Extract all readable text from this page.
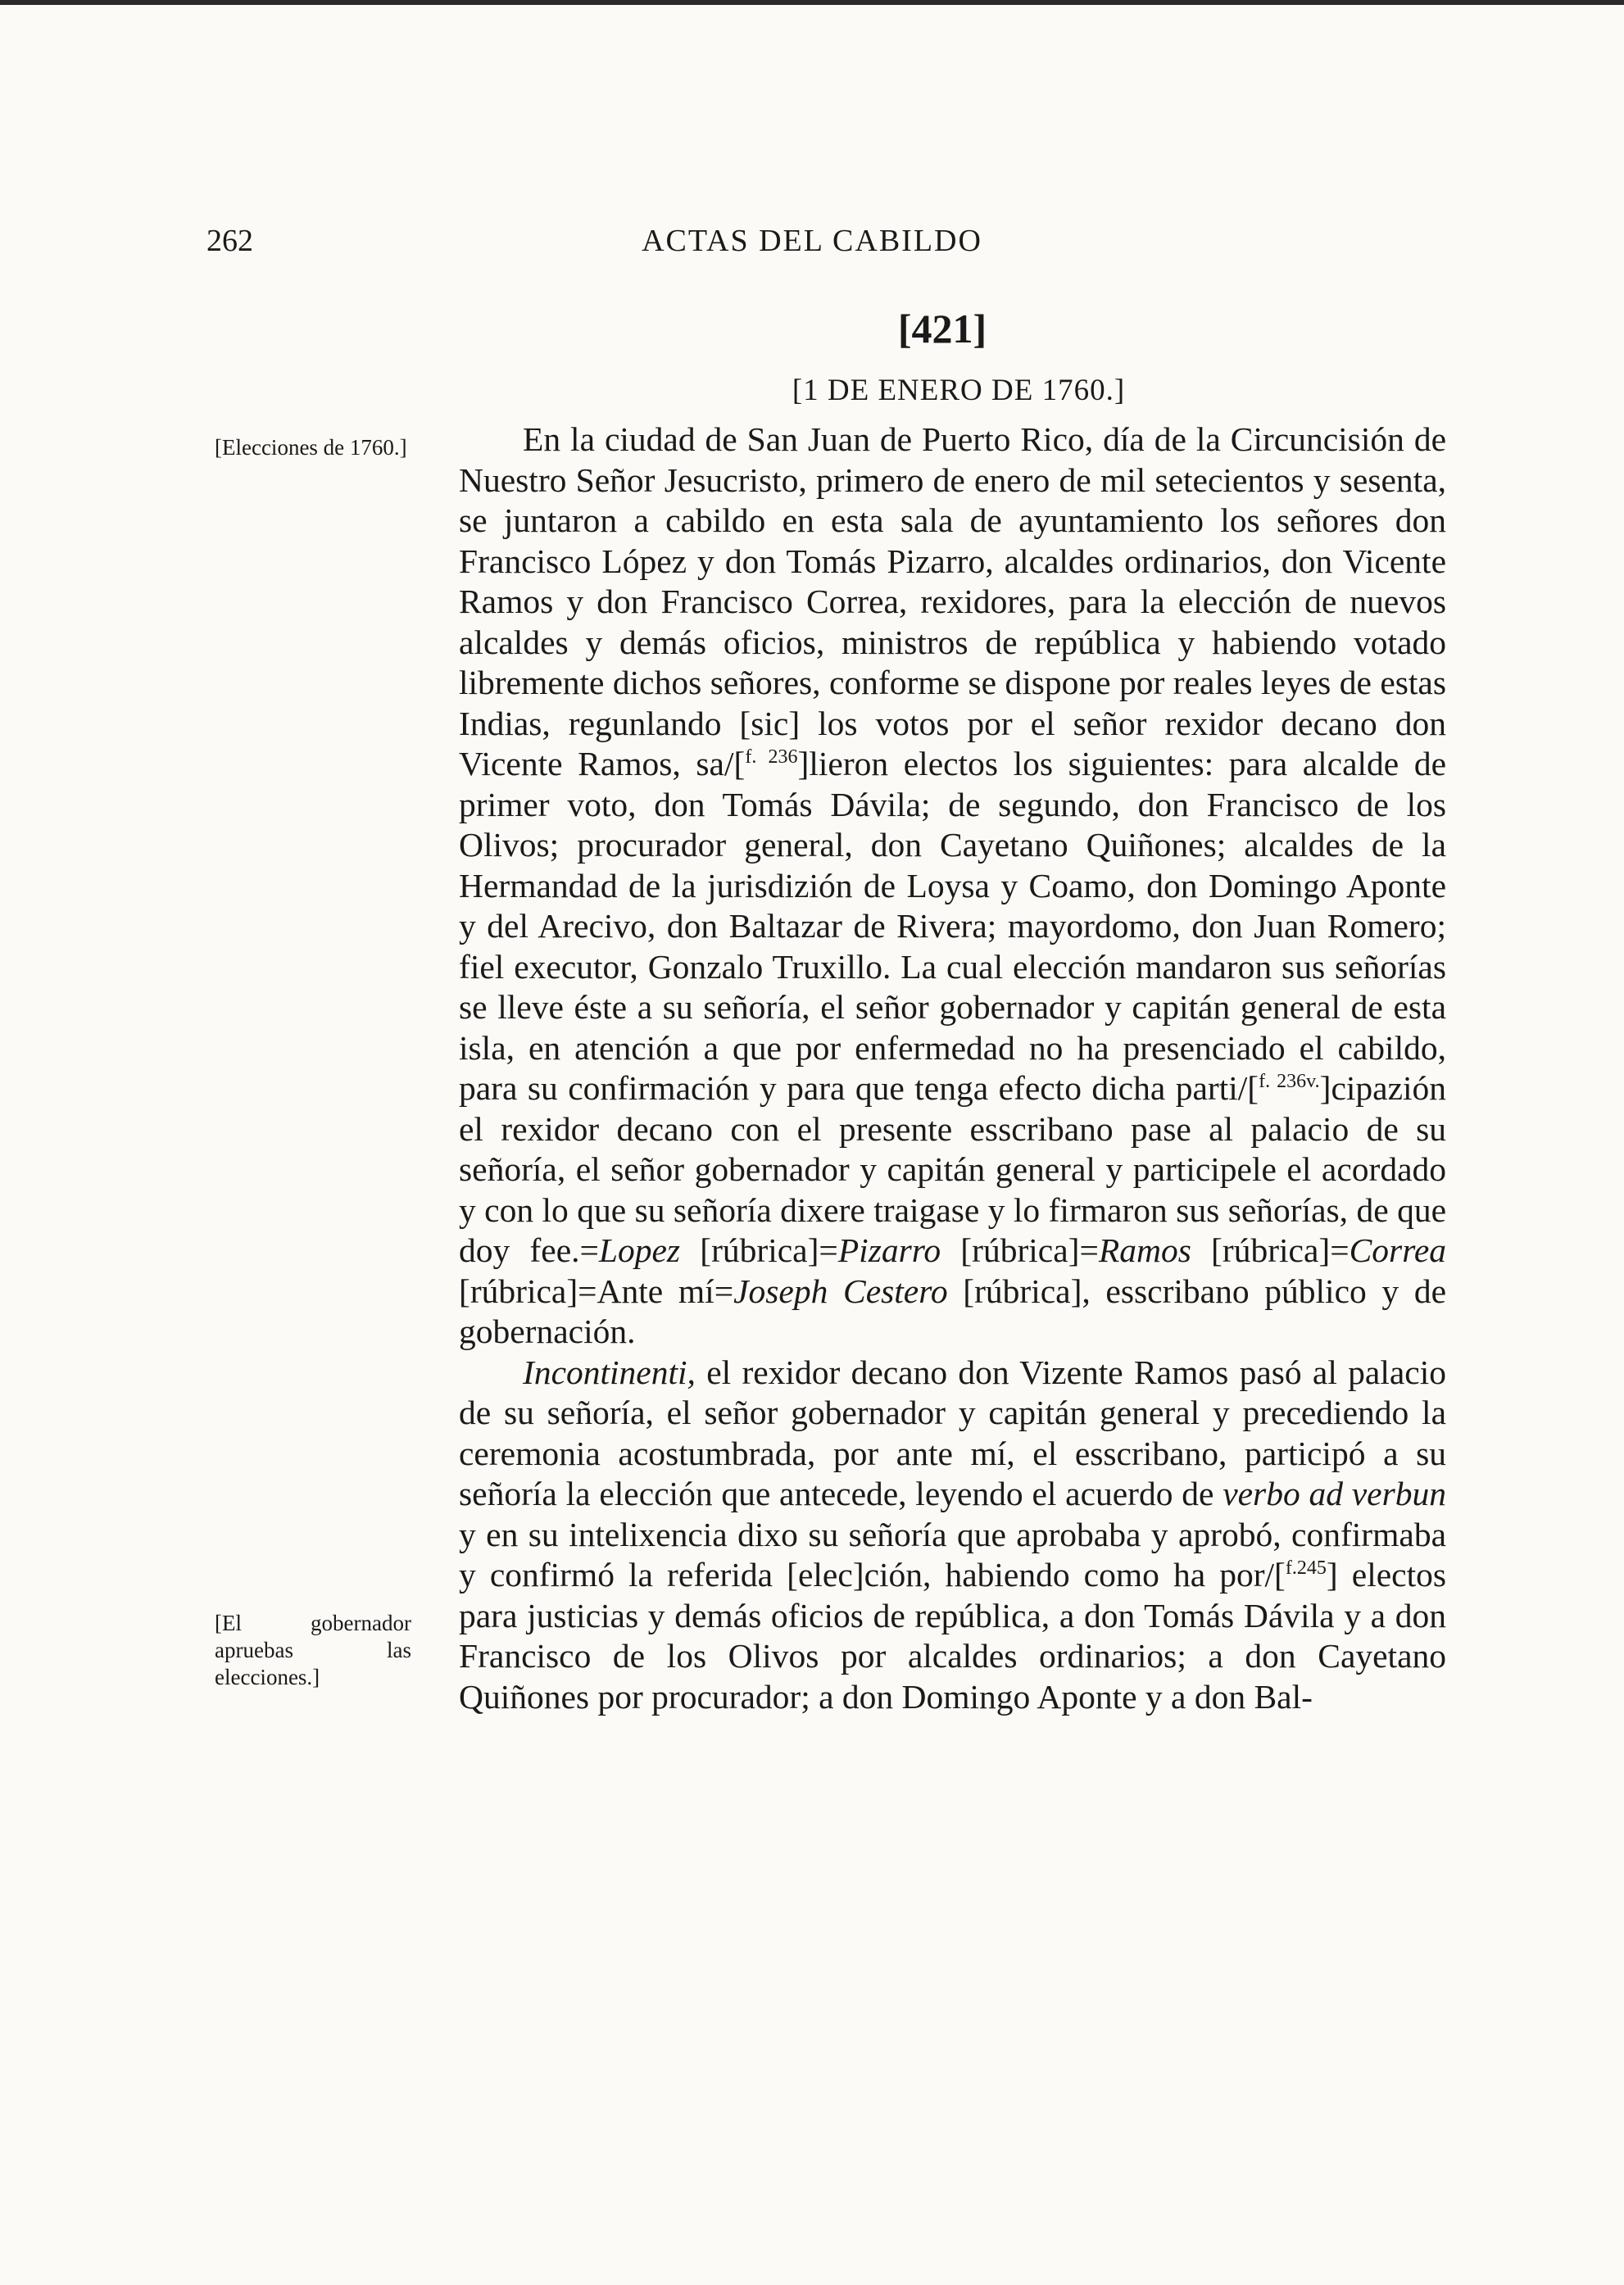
262	ACTAS DEL CABILDO
[421]
[1 DE ENERO DE 1760.]
[Elecciones de 1760.]
[El gobernador apruebas las elecciones.]

En la ciudad de San Juan de Puerto Rico, día de la Circuncisión de Nuestro Señor Jesucristo, primero de enero de mil setecientos y sesenta, se juntaron a cabildo en esta sala de ayuntamiento los señores don Francisco López y don Tomás Pizarro, alcaldes ordinarios, don Vicente Ramos y don Francisco Correa, rexidores, para la elección de nuevos alcaldes y demás oficios, ministros de república y habiendo votado libremente dichos señores, conforme se dispone por reales leyes de estas Indias, regunlando [sic] los votos por el señor rexidor decano don Vicente Ramos, sa/[$^{f. 236}$]lieron electos los siguientes: para alcalde de primer voto, don Tomás Dávila; de segundo, don Francisco de los Olivos; procurador general, don Cayetano Quiñones; alcaldes de la Hermandad de la jurisdizión de Loysa y Coamo, don Domingo Aponte y del Arecivo, don Baltazar de Rivera; mayordomo, don Juan Romero; fiel executor, Gonzalo Truxillo. La cual elección mandaron sus señorías se lleve éste a su señoría, el señor gobernador y capitán general de esta isla, en atención a que por enfermedad no ha presenciado el cabildo, para su confirmación y para que tenga efecto dicha parti/[$^{f. 236v.}$]cipazión el rexidor decano con el presente esscribano pase al palacio de su señoría, el señor gobernador y capitán general y participele el acordado y con lo que su señoría dixere traigase y lo firmaron sus señorías, de que doy fee.=Lopez [rúbrica]=Pizarro [rúbrica]=Ramos [rúbrica]=Correa [rúbrica]=Ante mí=Joseph Cestero [rúbrica], esscribano público y de gobernación.

Incontinenti, el rexidor decano don Vizente Ramos pasó al palacio de su señoría, el señor gobernador y capitán general y precediendo la ceremonia acostumbrada, por ante mí, el esscribano, participó a su señoría la elección que antecede, leyendo el acuerdo de verbo ad verbun y en su intelixencia dixo su señoría que aprobaba y aprobó, confirmaba y confirmó la referida [elec]ción, habiendo como ha por/[$^{f.245}$] electos para justicias y demás oficios de república, a don Tomás Dávila y a don Francisco de los Olivos por alcaldes ordinarios; a don Cayetano Quiñones por procurador; a don Domingo Aponte y a don Bal-
